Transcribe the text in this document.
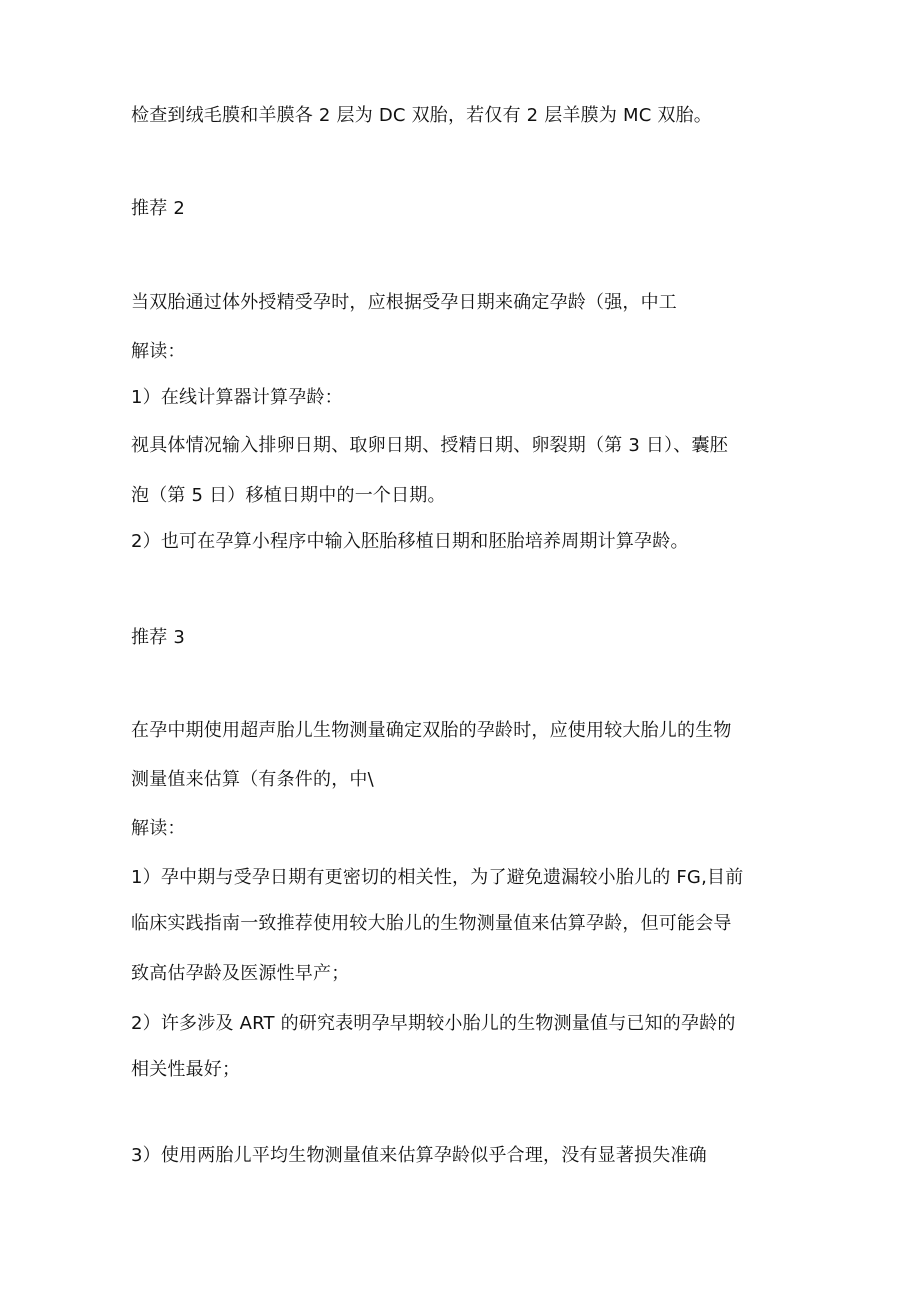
检查到绒毛膜和羊膜各 2 层为 DC 双胎，若仅有 2 层羊膜为 MC 双胎。
推荐 2
当双胎通过体外授精受孕时，应根据受孕日期来确定孕龄（强，中工
解读：
1）在线计算器计算孕龄：
视具体情况输入排卵日期、取卵日期、授精日期、卵裂期（第 3 日）、囊胚
泡（第 5 日）移植日期中的一个日期。
2）也可在孕算小程序中输入胚胎移植日期和胚胎培养周期计算孕龄。
推荐 3
在孕中期使用超声胎儿生物测量确定双胎的孕龄时，应使用较大胎儿的生物
测量值来估算（有条件的，中\
解读：
1）孕中期与受孕日期有更密切的相关性，为了避免遗漏较小胎儿的 FG,目前
临床实践指南一致推荐使用较大胎儿的生物测量值来估算孕龄，但可能会导
致高估孕龄及医源性早产；
2）许多涉及 ART 的研究表明孕早期较小胎儿的生物测量值与已知的孕龄的
相关性最好；
3）使用两胎儿平均生物测量值来估算孕龄似乎合理，没有显著损失准确
